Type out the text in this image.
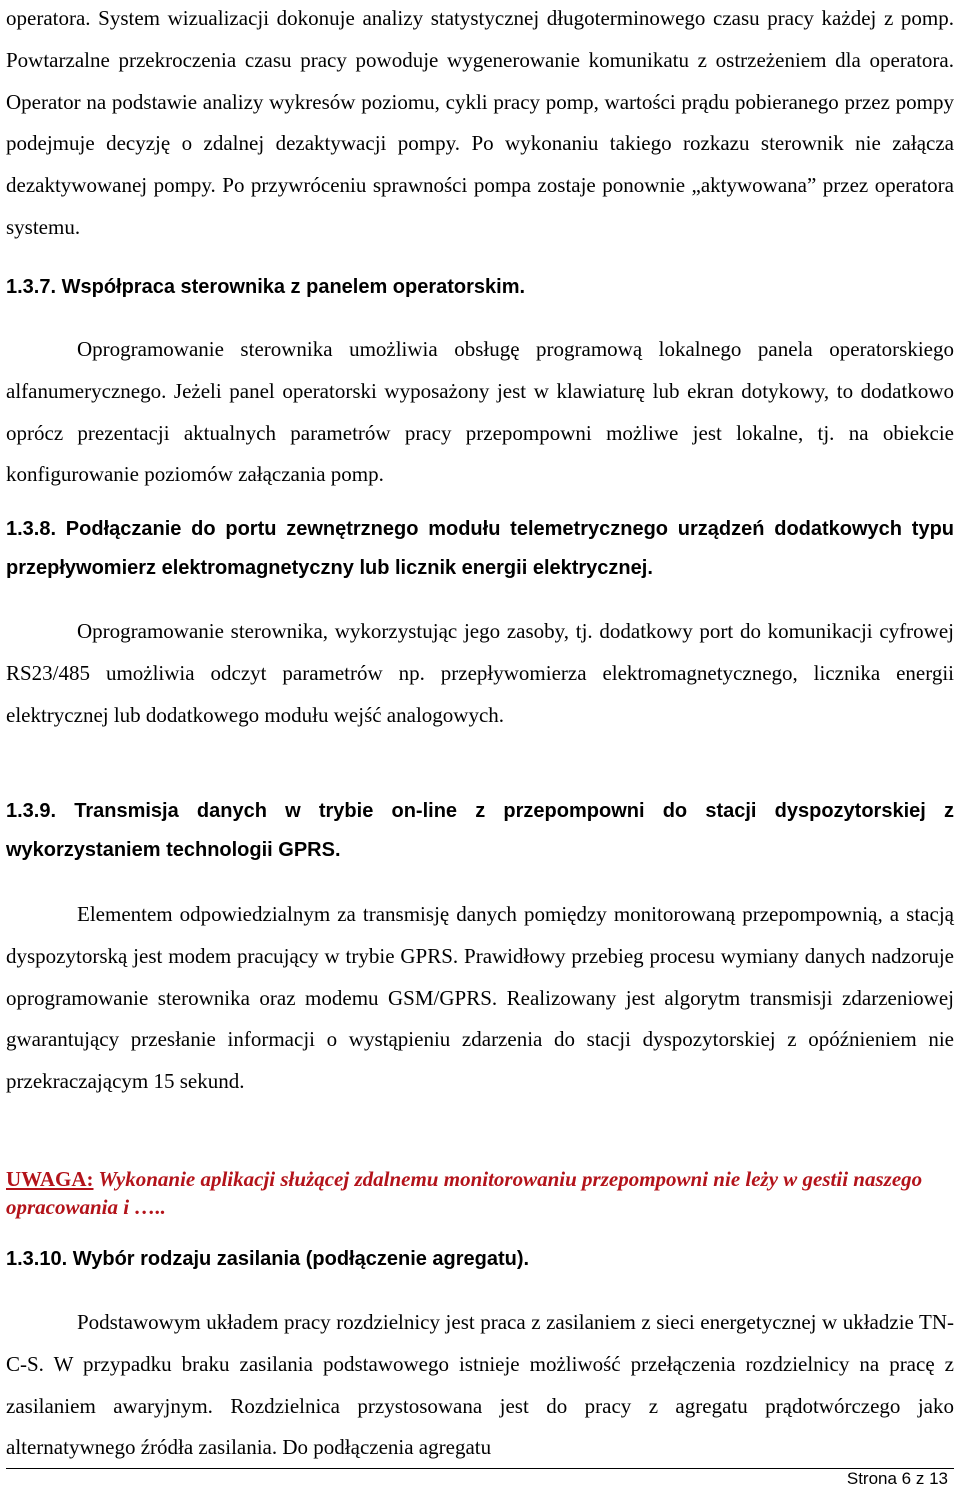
operatora. System wizualizacji dokonuje analizy statystycznej długoterminowego czasu pracy każdej z pomp. Powtarzalne przekroczenia czasu pracy powoduje wygenerowanie komunikatu z ostrzeżeniem dla operatora. Operator na podstawie analizy wykresów poziomu, cykli pracy pomp, wartości prądu pobieranego przez pompy podejmuje decyzję o zdalnej dezaktywacji pompy. Po wykonaniu takiego rozkazu sterownik nie załącza dezaktywowanej pompy. Po przywróceniu sprawności pompa zostaje ponownie „aktywowana” przez operatora systemu.

1.3.7. Współpraca sterownika z panelem operatorskim.

Oprogramowanie sterownika umożliwia obsługę programową lokalnego panela operatorskiego alfanumerycznego. Jeżeli panel operatorski wyposażony jest w klawiaturę lub ekran dotykowy, to dodatkowo oprócz prezentacji aktualnych parametrów pracy przepompowni możliwe jest lokalne, tj. na obiekcie konfigurowanie poziomów załączania pomp.

1.3.8. Podłączanie do portu zewnętrznego modułu telemetrycznego urządzeń dodatkowych typu przepływomierz elektromagnetyczny lub licznik energii elektrycznej.

Oprogramowanie sterownika, wykorzystując jego zasoby, tj. dodatkowy port do komunikacji cyfrowej RS23/485 umożliwia odczyt parametrów np. przepływomierza elektromagnetycznego, licznika energii elektrycznej lub dodatkowego modułu wejść analogowych.

1.3.9. Transmisja danych w trybie on-line z przepompowni do stacji dyspozytorskiej z wykorzystaniem technologii GPRS.

Elementem odpowiedzialnym za transmisję danych pomiędzy monitorowaną przepompownią, a stacją dyspozytorską jest modem pracujący w trybie GPRS. Prawidłowy przebieg procesu wymiany danych nadzoruje oprogramowanie sterownika oraz modemu GSM/GPRS. Realizowany jest algorytm transmisji zdarzeniowej gwarantujący przesłanie informacji o wystąpieniu zdarzenia do stacji dyspozytorskiej z opóźnieniem nie przekraczającym 15 sekund.

UWAGA: Wykonanie aplikacji służącej zdalnemu monitorowaniu przepompowni nie leży w gestii naszego opracowania i …..

1.3.10. Wybór rodzaju zasilania (podłączenie agregatu).

Podstawowym układem pracy rozdzielnicy jest praca z zasilaniem z sieci energetycznej w układzie TN-C-S. W przypadku braku zasilania podstawowego istnieje możliwość przełączenia rozdzielnicy na pracę z zasilaniem awaryjnym. Rozdzielnica przystosowana jest do pracy z agregatu prądotwórczego jako alternatywnego źródła zasilania. Do podłączenia agregatu

Strona 6 z 13
